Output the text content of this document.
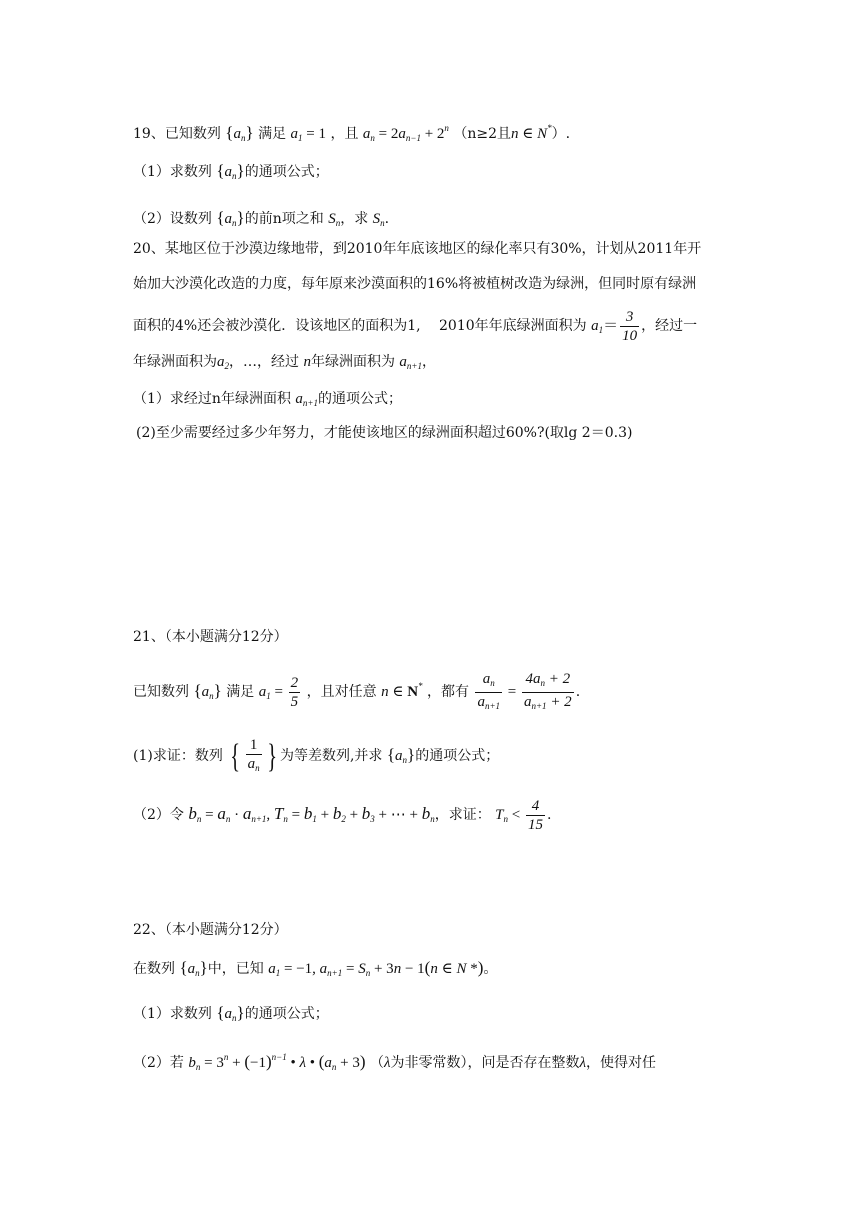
19、已知数列 $\{a_n\}$ 满足 $a_1 = 1$ ，且 $a_n = 2a_{n-1} + 2^n$ （n≥2且n ∈ N*）.
（1）求数列 $\{a_n\}$的通项公式；
（2）设数列 $\{a_n\}$的前n项之和 $S_n$，求 $S_n$.
20、某地区位于沙漠边缘地带，到2010年年底该地区的绿化率只有30%，计划从2011年开
始加大沙漠化改造的力度，每年原来沙漠面积的16%将被植树改造为绿洲，但同时原有绿洲
面积的4%还会被沙漠化．设该地区的面积为1,　 2010年年底绿洲面积为 $a_1= \frac{3}{10}$ ，经过一
年绿洲面积为$a_2$，…，经过 n年绿洲面积为 $a_{n+1}$，
（1）求经过n年绿洲面积 $a_{n+1}$的通项公式；
(2)至少需要经过多少年努力，才能使该地区的绿洲面积超过60%?(取lg 2＝0.3)
21、（本小题满分12分）
已知数列 $\{a_n\}$ 满足 $a_1 = \frac{2}{5}$ ，且对任意 n ∈ N* ，都有 $\frac{a_n}{a_{n+1}} = \frac{4a_n + 2}{a_{n+1} + 2}$ .
(1)求证：数列 { $\frac{1}{a_n}$ } 为等差数列,并求 $\{a_n\}$的通项公式；
（2）令 $b_n = a_n \cdot a_{n+1}$, $T_n = b_1 + b_2 + b_3$ + ⋯ + $b_n$，求证： $T_n < \frac{4}{15}$ .
22、（本小题满分12分）
在数列 $\{a_n\}$中，已知 $a_1 = -1$, $a_{n+1} = S_n + 3n - 1(n$ ∈ N *)。
（1）求数列 $\{a_n\}$的通项公式；
（2）若 $b_n = 3^n + (-1)^{n-1}$ • λ • $(a_n + 3)$ （λ为非零常数），问是否存在整数λ，使得对任
